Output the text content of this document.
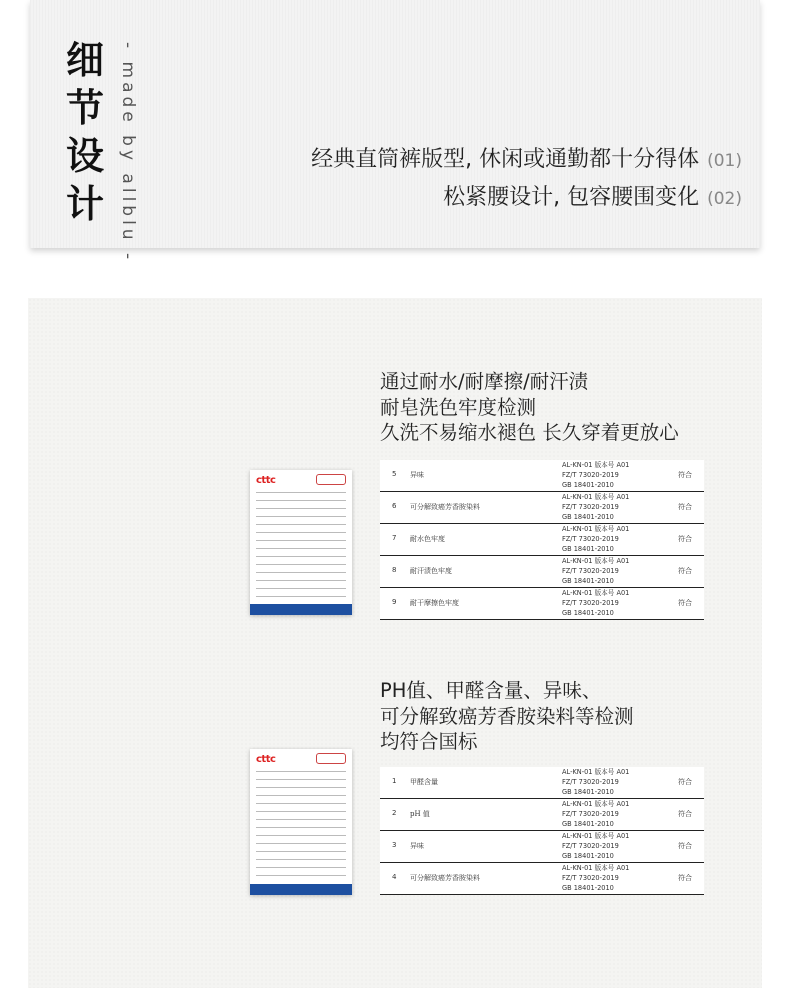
细节设计 - made by allblu -	经典直筒裤版型, 休闲或通勤都十分得体 (01)
松紧腰设计, 包容腰围变化 (02)
通过耐水/耐摩擦/耐汗渍
耐皂洗色牢度检测
久洗不易缩水褪色 长久穿着更放心
cttc
5 异味
AL-KN-01 版本号 A01
FZ/T 73020-2019
GB 18401-2010
符合
6 可分解致癌芳香胺染料
AL-KN-01 版本号 A01
FZ/T 73020-2019
GB 18401-2010
符合
7 耐水色牢度
AL-KN-01 版本号 A01
FZ/T 73020-2019
GB 18401-2010
符合
8 耐汗渍色牢度
AL-KN-01 版本号 A01
FZ/T 73020-2019
GB 18401-2010
符合
9 耐干摩擦色牢度
AL-KN-01 版本号 A01
FZ/T 73020-2019
GB 18401-2010
符合
PH值、甲醛含量、异味、
可分解致癌芳香胺染料等检测
均符合国标
cttc
1 甲醛含量
AL-KN-01 版本号 A01
FZ/T 73020-2019
GB 18401-2010
符合
2 pH 值
AL-KN-01 版本号 A01
FZ/T 73020-2019
GB 18401-2010
符合
3 异味
AL-KN-01 版本号 A01
FZ/T 73020-2019
GB 18401-2010
符合
4 可分解致癌芳香胺染料
AL-KN-01 版本号 A01
FZ/T 73020-2019
GB 18401-2010
符合
